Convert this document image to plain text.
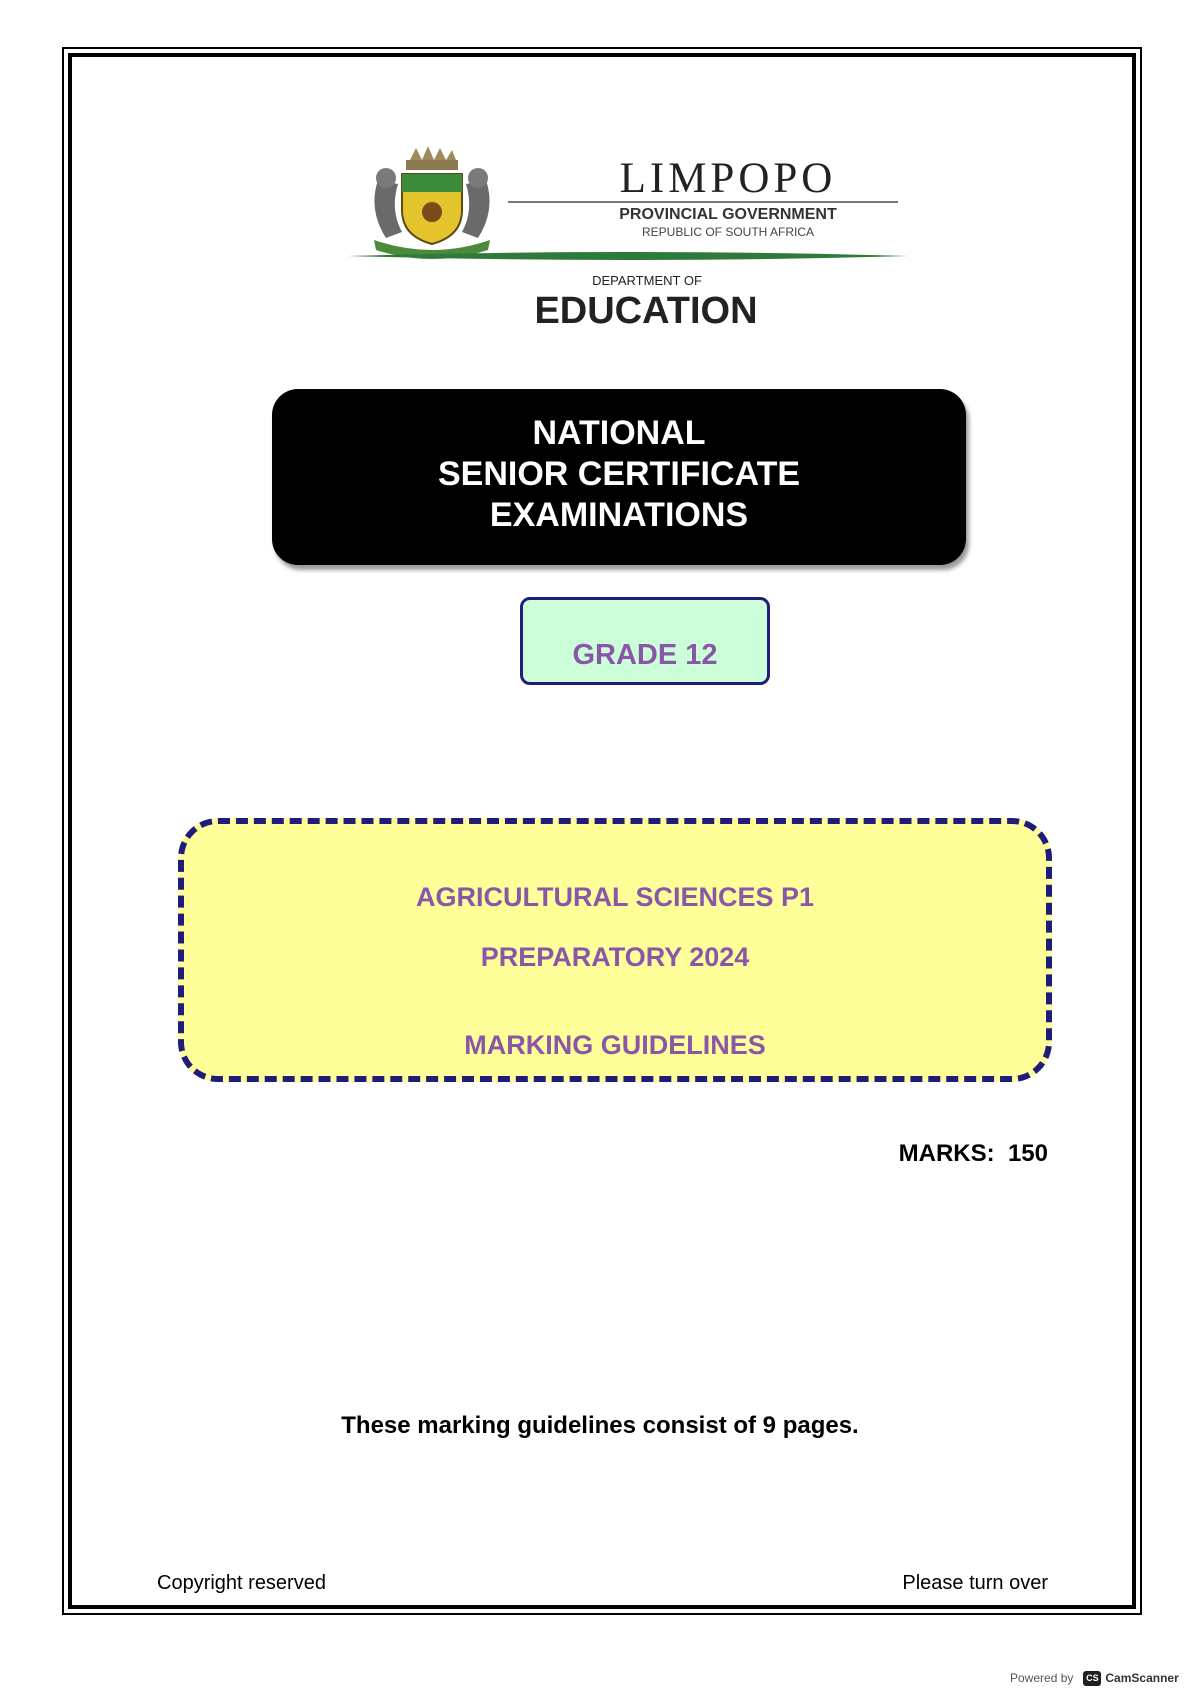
LIMPOPO
PROVINCIAL GOVERNMENT
REPUBLIC OF SOUTH AFRICA
DEPARTMENT OF
EDUCATION
NATIONAL
SENIOR CERTIFICATE
EXAMINATIONS
GRADE 12
AGRICULTURAL SCIENCES P1
PREPARATORY 2024
MARKING GUIDELINES
MARKS:  150
These marking guidelines consist of 9 pages.
Copyright reserved	Please turn over
Powered by	CS CamScanner
